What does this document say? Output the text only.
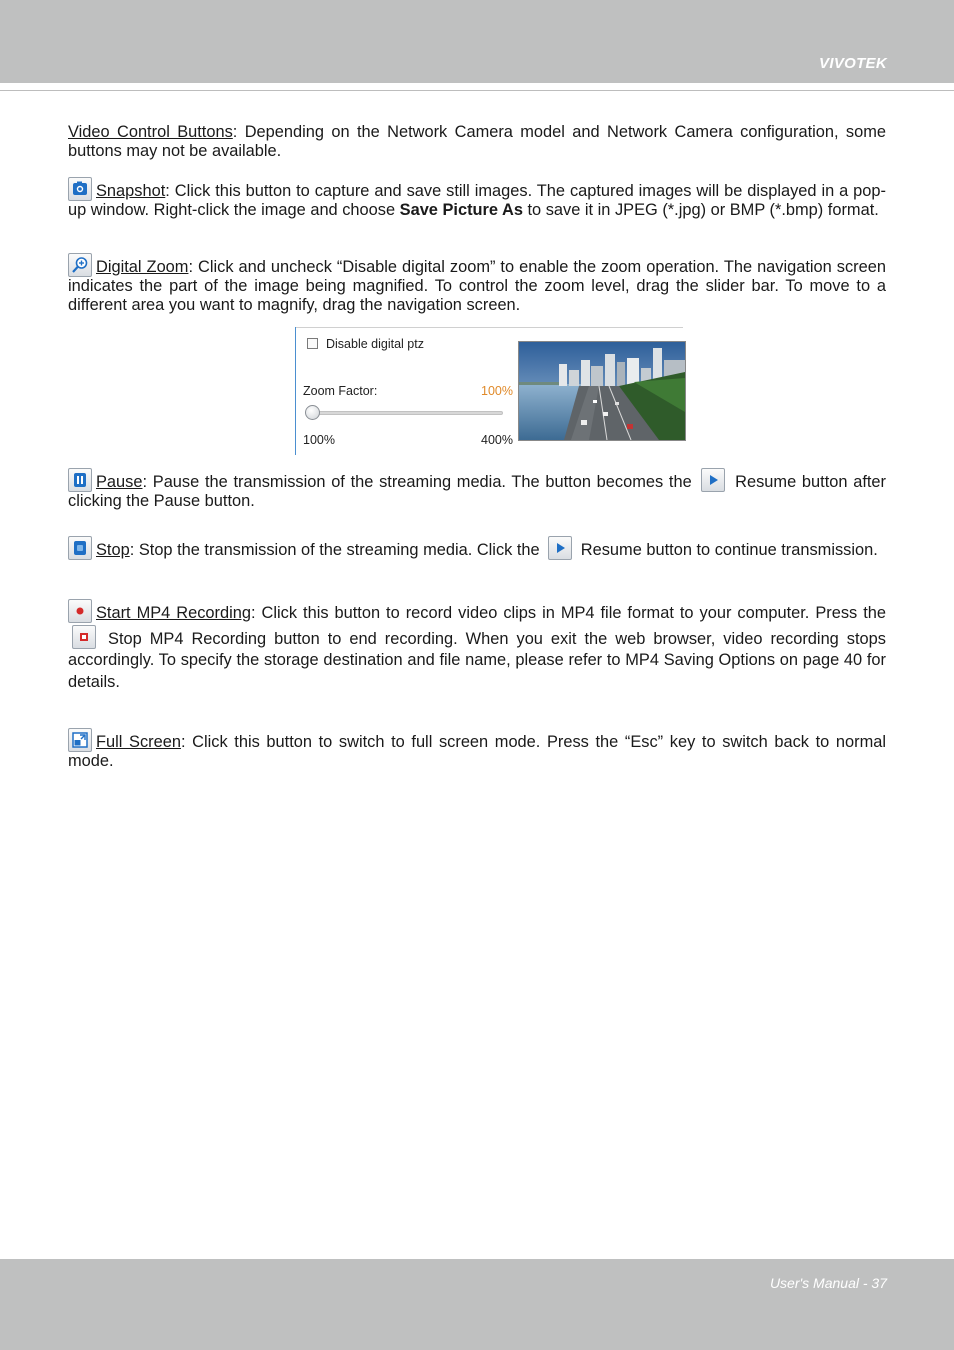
VIVOTEK
Video Control Buttons: Depending on the Network Camera model and Network Camera configuration, some buttons may not be available.
Snapshot: Click this button to capture and save still images. The captured images will be displayed in a pop-up window. Right-click the image and choose Save Picture As to save it in JPEG (*.jpg) or BMP (*.bmp) format.
Digital Zoom: Click and uncheck “Disable digital zoom” to enable the zoom operation. The navigation screen indicates the part of the image being magnified. To control the zoom level, drag the slider bar. To move to a different area you want to magnify, drag the navigation screen.
Disable digital ptz
Zoom Factor:	100%
100%	400%
Pause: Pause the transmission of the streaming media. The button becomes the
Resume button after clicking the Pause button.
Stop: Stop the transmission of the streaming media. Click the
Resume button to continue transmission.
Start MP4 Recording: Click this button to record video clips in MP4 file format to your computer. Press the
Stop MP4 Recording button to end recording. When you exit the web browser, video recording stops accordingly. To specify the storage destination and file name, please refer to MP4 Saving Options on page 40 for details.
Full Screen: Click this button to switch to full screen mode. Press the “Esc” key to switch back to normal mode.
User's Manual - 37
